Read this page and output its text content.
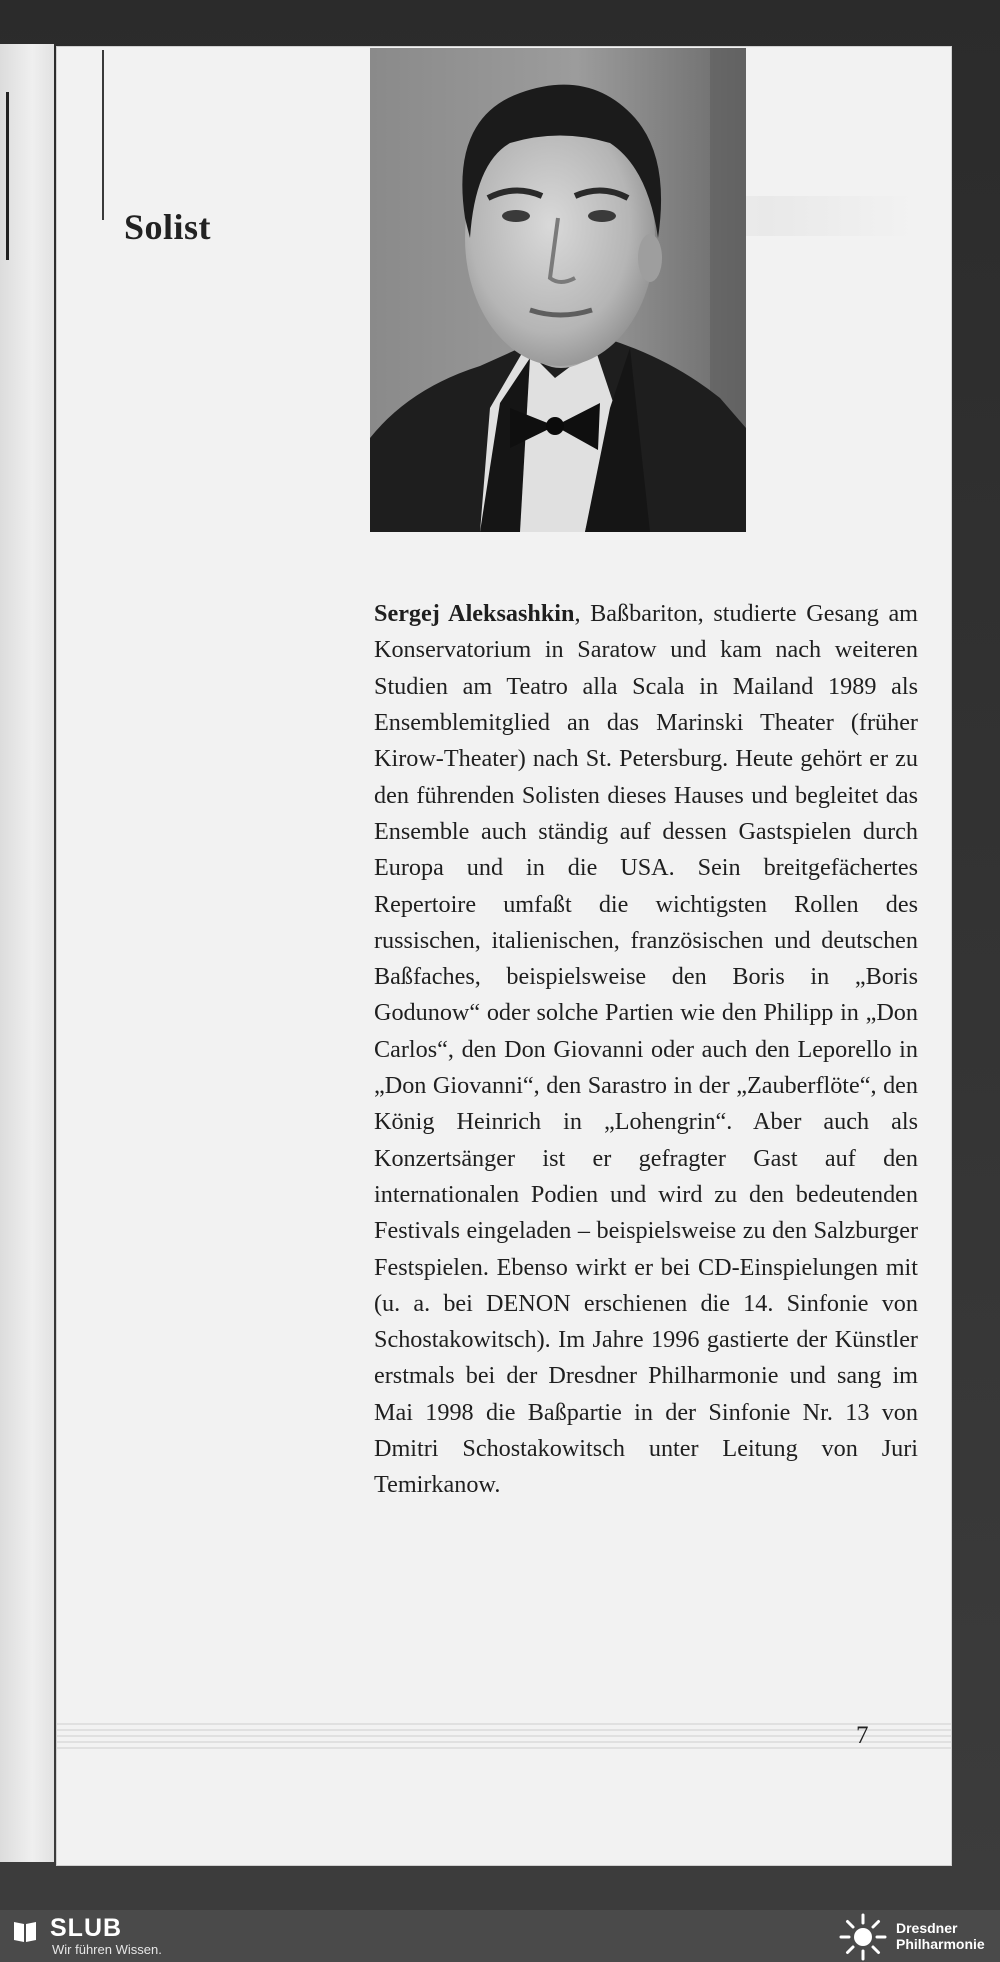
Solist

Sergej Aleksashkin, Baßbariton, studierte Gesang am Konservatorium in Saratow und kam nach weiteren Studien am Teatro alla Scala in Mailand 1989 als Ensemblemitglied an das Marinski Theater (früher Kirow-Theater) nach St. Petersburg. Heute gehört er zu den führenden Solisten dieses Hauses und begleitet das Ensemble auch ständig auf dessen Gastspielen durch Europa und in die USA. Sein breitgefächertes Repertoire umfaßt die wichtigsten Rollen des russischen, italienischen, französischen und deutschen Baßfaches, beispielsweise den Boris in „Boris Godunow“ oder solche Partien wie den Philipp in „Don Carlos“, den Don Giovanni oder auch den Leporello in „Don Giovanni“, den Sarastro in der „Zauberflöte“, den König Heinrich in „Lohengrin“. Aber auch als Konzertsänger ist er gefragter Gast auf den internationalen Podien und wird zu den bedeutenden Festivals eingeladen – beispielsweise zu den Salzburger Festspielen. Ebenso wirkt er bei CD-Einspielungen mit (u. a. bei DENON erschienen die 14. Sinfonie von Schostakowitsch). Im Jahre 1996 gastierte der Künstler erstmals bei der Dresdner Philharmonie und sang im Mai 1998 die Baßpartie in der Sinfonie Nr. 13 von Dmitri Schostakowitsch unter Leitung von Juri Temirkanow.

7
SLUB
Wir führen Wissen.
Dresdner
Philharmonie
